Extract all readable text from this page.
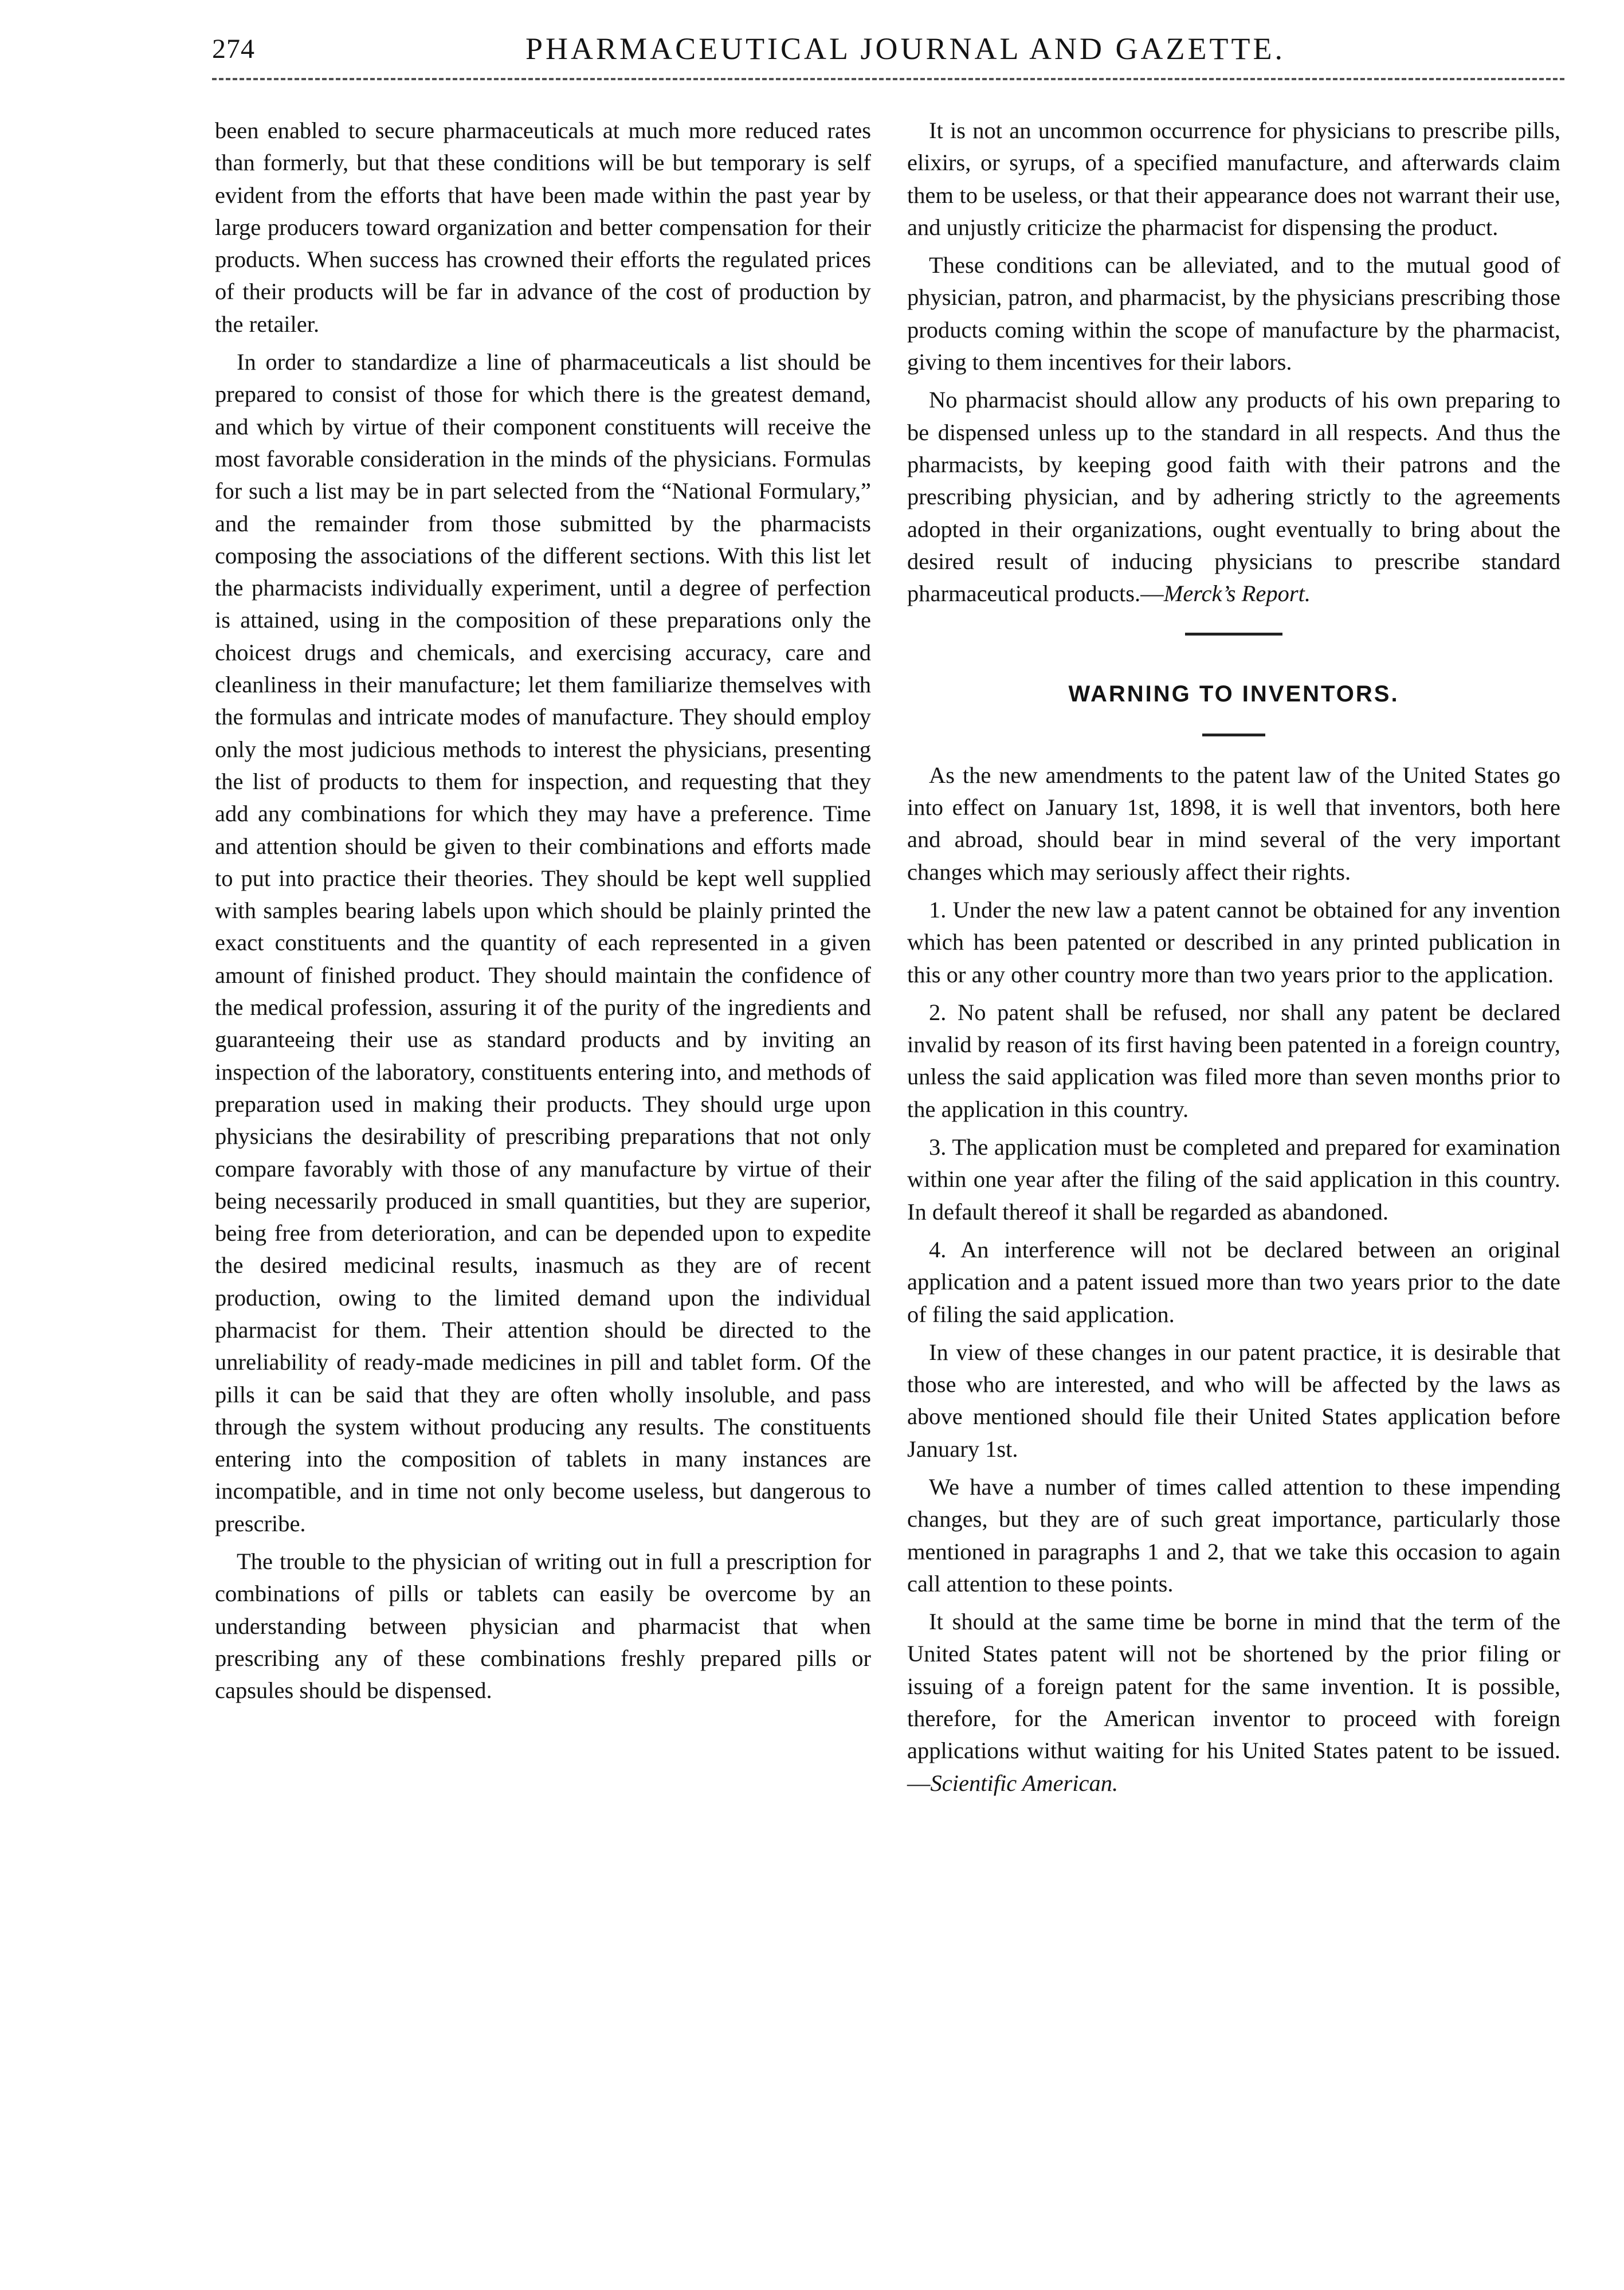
274	PHARMACEUTICAL JOURNAL AND GAZETTE.

been enabled to secure pharmaceuticals at much more reduced rates than formerly, but that these conditions will be but temporary is self evident from the efforts that have been made within the past year by large producers toward organization and better compensation for their products. When success has crowned their efforts the regulated prices of their products will be far in advance of the cost of production by the retailer.

In order to standardize a line of pharmaceuticals a list should be prepared to consist of those for which there is the greatest demand, and which by virtue of their component constituents will receive the most favorable consideration in the minds of the physicians. Formulas for such a list may be in part selected from the “National Formulary,” and the remainder from those submitted by the pharmacists composing the associations of the different sections. With this list let the pharmacists individually experiment, until a degree of perfection is attained, using in the composition of these preparations only the choicest drugs and chemicals, and exercising accuracy, care and cleanliness in their manufacture; let them familiarize themselves with the formulas and intricate modes of manufacture. They should employ only the most judicious methods to interest the physicians, presenting the list of products to them for inspection, and requesting that they add any combinations for which they may have a preference. Time and attention should be given to their combinations and efforts made to put into practice their theories. They should be kept well supplied with samples bearing labels upon which should be plainly printed the exact constituents and the quantity of each represented in a given amount of finished product. They should maintain the confidence of the medical profession, assuring it of the purity of the ingredients and guaranteeing their use as standard products and by inviting an inspection of the laboratory, constituents entering into, and methods of preparation used in making their products. They should urge upon physicians the desirability of prescribing preparations that not only compare favorably with those of any manufacture by virtue of their being necessarily produced in small quantities, but they are superior, being free from deterioration, and can be depended upon to expedite the desired medicinal results, inasmuch as they are of recent production, owing to the limited demand upon the individual pharmacist for them. Their attention should be directed to the unreliability of ready-made medicines in pill and tablet form. Of the pills it can be said that they are often wholly insoluble, and pass through the system without producing any results. The constituents entering into the composition of tablets in many instances are incompatible, and in time not only become useless, but dangerous to prescribe.

The trouble to the physician of writing out in full a prescription for combinations of pills or tablets can easily be overcome by an understanding between physician and pharmacist that when prescribing any of these combinations freshly prepared pills or capsules should be dispensed.

It is not an uncommon occurrence for physicians to prescribe pills, elixirs, or syrups, of a specified manufacture, and afterwards claim them to be useless, or that their appearance does not warrant their use, and unjustly criticize the pharmacist for dispensing the product.

These conditions can be alleviated, and to the mutual good of physician, patron, and pharmacist, by the physicians prescribing those products coming within the scope of manufacture by the pharmacist, giving to them incentives for their labors.

No pharmacist should allow any products of his own preparing to be dispensed unless up to the standard in all respects. And thus the pharmacists, by keeping good faith with their patrons and the prescribing physician, and by adhering strictly to the agreements adopted in their organizations, ought eventually to bring about the desired result of inducing physicians to prescribe standard pharmaceutical products.—Merck’s Report.

WARNING TO INVENTORS.

As the new amendments to the patent law of the United States go into effect on January 1st, 1898, it is well that inventors, both here and abroad, should bear in mind several of the very important changes which may seriously affect their rights.

1. Under the new law a patent cannot be obtained for any invention which has been patented or described in any printed publication in this or any other country more than two years prior to the application.

2. No patent shall be refused, nor shall any patent be declared invalid by reason of its first having been patented in a foreign country, unless the said application was filed more than seven months prior to the application in this country.

3. The application must be completed and prepared for examination within one year after the filing of the said application in this country. In default thereof it shall be regarded as abandoned.

4. An interference will not be declared between an original application and a patent issued more than two years prior to the date of filing the said application.

In view of these changes in our patent practice, it is desirable that those who are interested, and who will be affected by the laws as above mentioned should file their United States application before January 1st.

We have a number of times called attention to these impending changes, but they are of such great importance, particularly those mentioned in paragraphs 1 and 2, that we take this occasion to again call attention to these points.

It should at the same time be borne in mind that the term of the United States patent will not be shortened by the prior filing or issuing of a foreign patent for the same invention. It is possible, therefore, for the American inventor to proceed with foreign applications withut waiting for his United States patent to be issued.—Scientific American.
